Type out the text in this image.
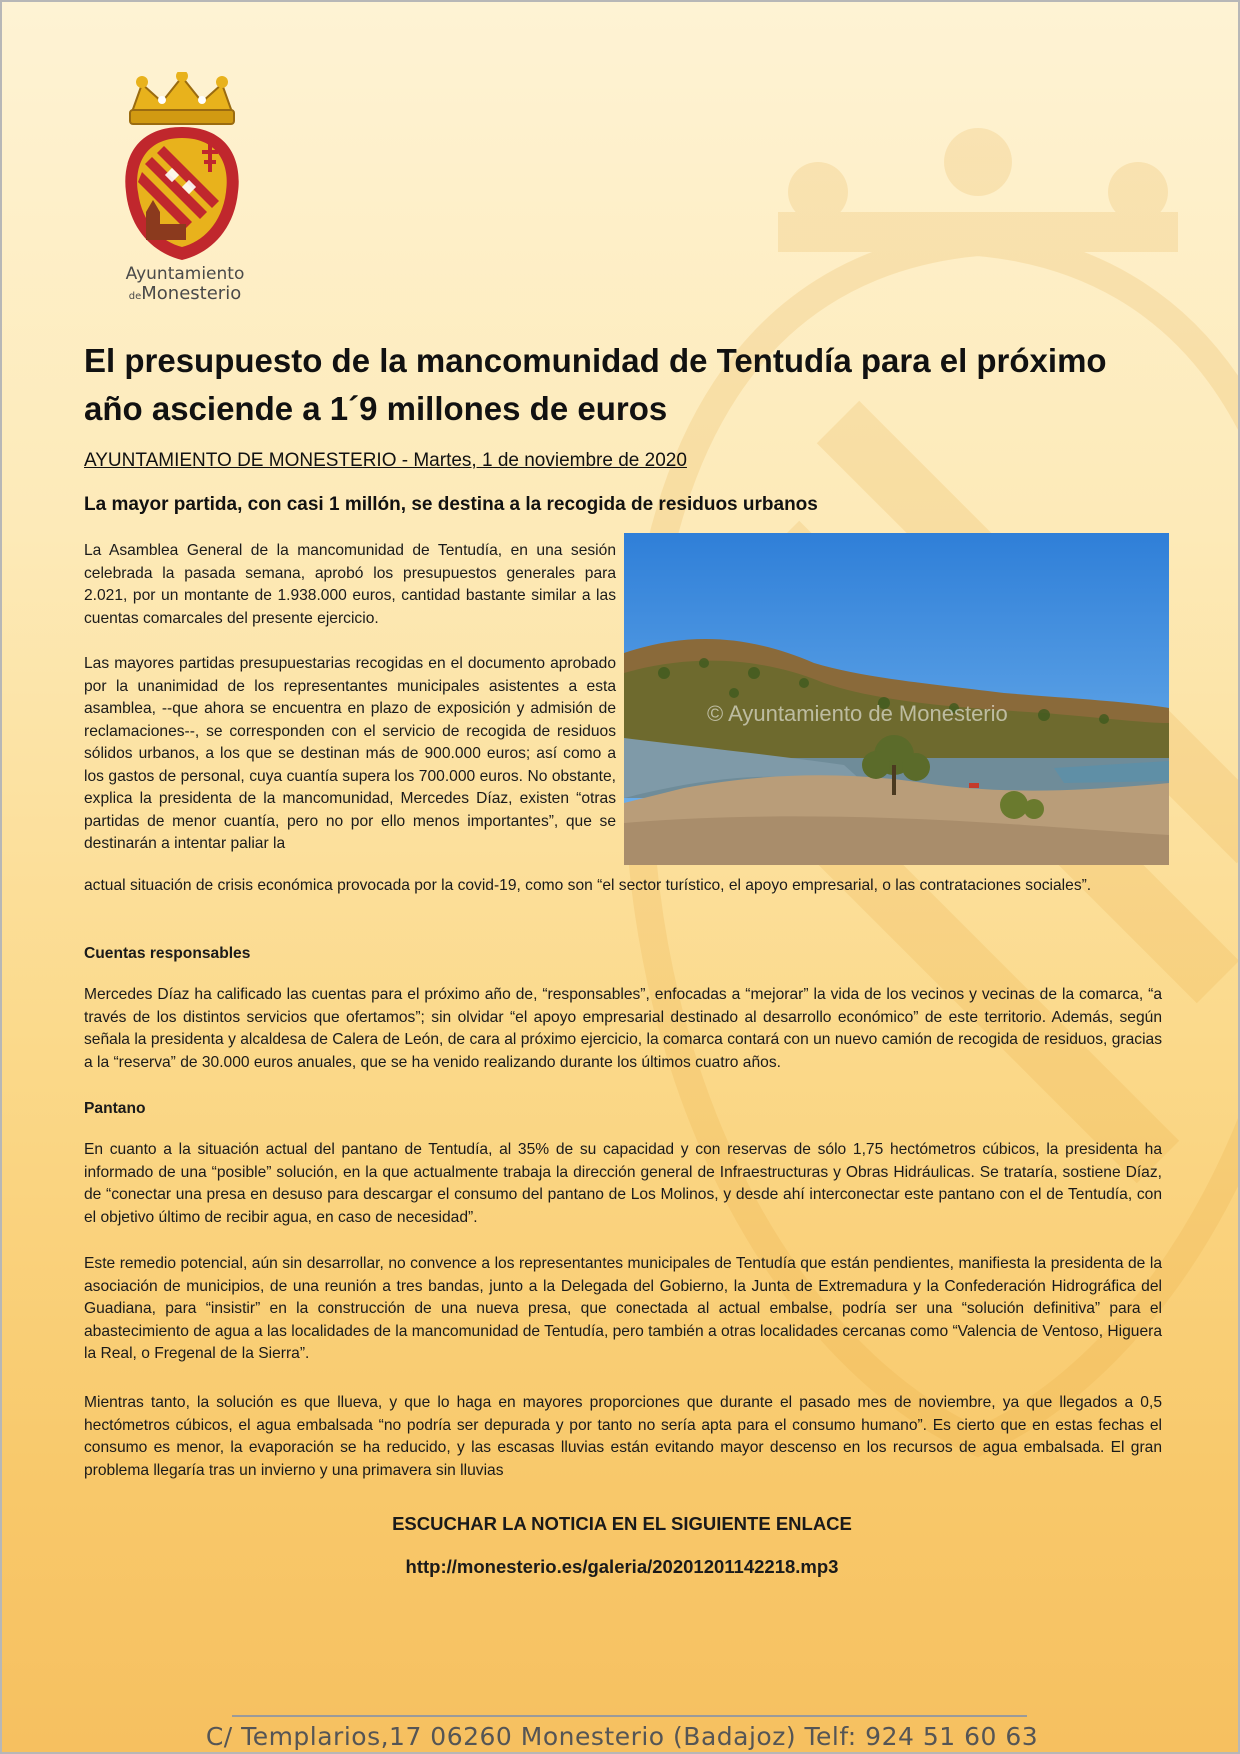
Ayuntamiento
deMonesterio
El presupuesto de la mancomunidad de Tentudía para el próximo año asciende a 1´9 millones de euros

AYUNTAMIENTO DE MONESTERIO - Martes, 1 de noviembre de 2020

La mayor partida, con casi 1 millón, se destina a la recogida de residuos urbanos

© Ayuntamiento de Monesterio

La Asamblea General de la mancomunidad de Tentudía, en una sesión celebrada la pasada semana, aprobó los presupuestos generales para 2.021, por un montante de 1.938.000 euros, cantidad bastante similar a las cuentas comarcales del presente ejercicio.

Las mayores partidas presupuestarias recogidas en el documento aprobado por la unanimidad de los representantes municipales asistentes a esta asamblea, --que ahora se encuentra en plazo de exposición y admisión de reclamaciones--, se corresponden con el servicio de recogida de residuos sólidos urbanos, a los que se destinan más de 900.000 euros; así como a los gastos de personal, cuya cuantía supera los 700.000 euros. No obstante, explica la presidenta de la mancomunidad, Mercedes Díaz, existen “otras partidas de menor cuantía, pero no por ello menos importantes”, que se destinarán a intentar paliar la

actual situación de crisis económica provocada por la covid-19, como son “el sector turístico, el apoyo empresarial, o las contrataciones sociales”.

Cuentas responsables

Mercedes Díaz ha calificado las cuentas para el próximo año de, “responsables”, enfocadas a “mejorar” la vida de los vecinos y vecinas de la comarca, “a través de los distintos servicios que ofertamos”; sin olvidar “el apoyo empresarial destinado al desarrollo económico” de este territorio. Además, según señala la presidenta y alcaldesa de Calera de León, de cara al próximo ejercicio, la comarca contará con un nuevo camión de recogida de residuos, gracias a la “reserva” de 30.000 euros anuales, que se ha venido realizando durante los últimos cuatro años.

Pantano

En cuanto a la situación actual del pantano de Tentudía, al 35% de su capacidad y con reservas de sólo 1,75 hectómetros cúbicos, la presidenta ha informado de una “posible” solución, en la que actualmente trabaja la dirección general de Infraestructuras y Obras Hidráulicas. Se trataría, sostiene Díaz, de “conectar una presa en desuso para descargar el consumo del pantano de Los Molinos, y desde ahí interconectar este pantano con el de Tentudía, con el objetivo último de recibir agua, en caso de necesidad”.

Este remedio potencial, aún sin desarrollar, no convence a los representantes municipales de Tentudía que están pendientes, manifiesta la presidenta de la asociación de municipios, de una reunión a tres bandas, junto a la Delegada del Gobierno, la Junta de Extremadura y la Confederación Hidrográfica del Guadiana, para “insistir” en la construcción de una nueva presa, que conectada al actual embalse, podría ser una “solución definitiva” para el abastecimiento de agua a las localidades de la mancomunidad de Tentudía, pero también a otras localidades cercanas como “Valencia de Ventoso, Higuera la Real, o Fregenal de la Sierra”.

Mientras tanto, la solución es que llueva, y que lo haga en mayores proporciones que durante el pasado mes de noviembre, ya que llegados a 0,5 hectómetros cúbicos, el agua embalsada “no podría ser depurada y por tanto no sería apta para el consumo humano”. Es cierto que en estas fechas el consumo es menor, la evaporación se ha reducido, y las escasas lluvias están evitando mayor descenso en los recursos de agua embalsada. El gran problema llegaría tras un invierno y una primavera sin lluvias

ESCUCHAR LA NOTICIA EN EL SIGUIENTE ENLACE

http://monesterio.es/galeria/20201201142218.mp3

C/ Templarios,17 06260 Monesterio (Badajoz) Telf: 924 51 60 63
